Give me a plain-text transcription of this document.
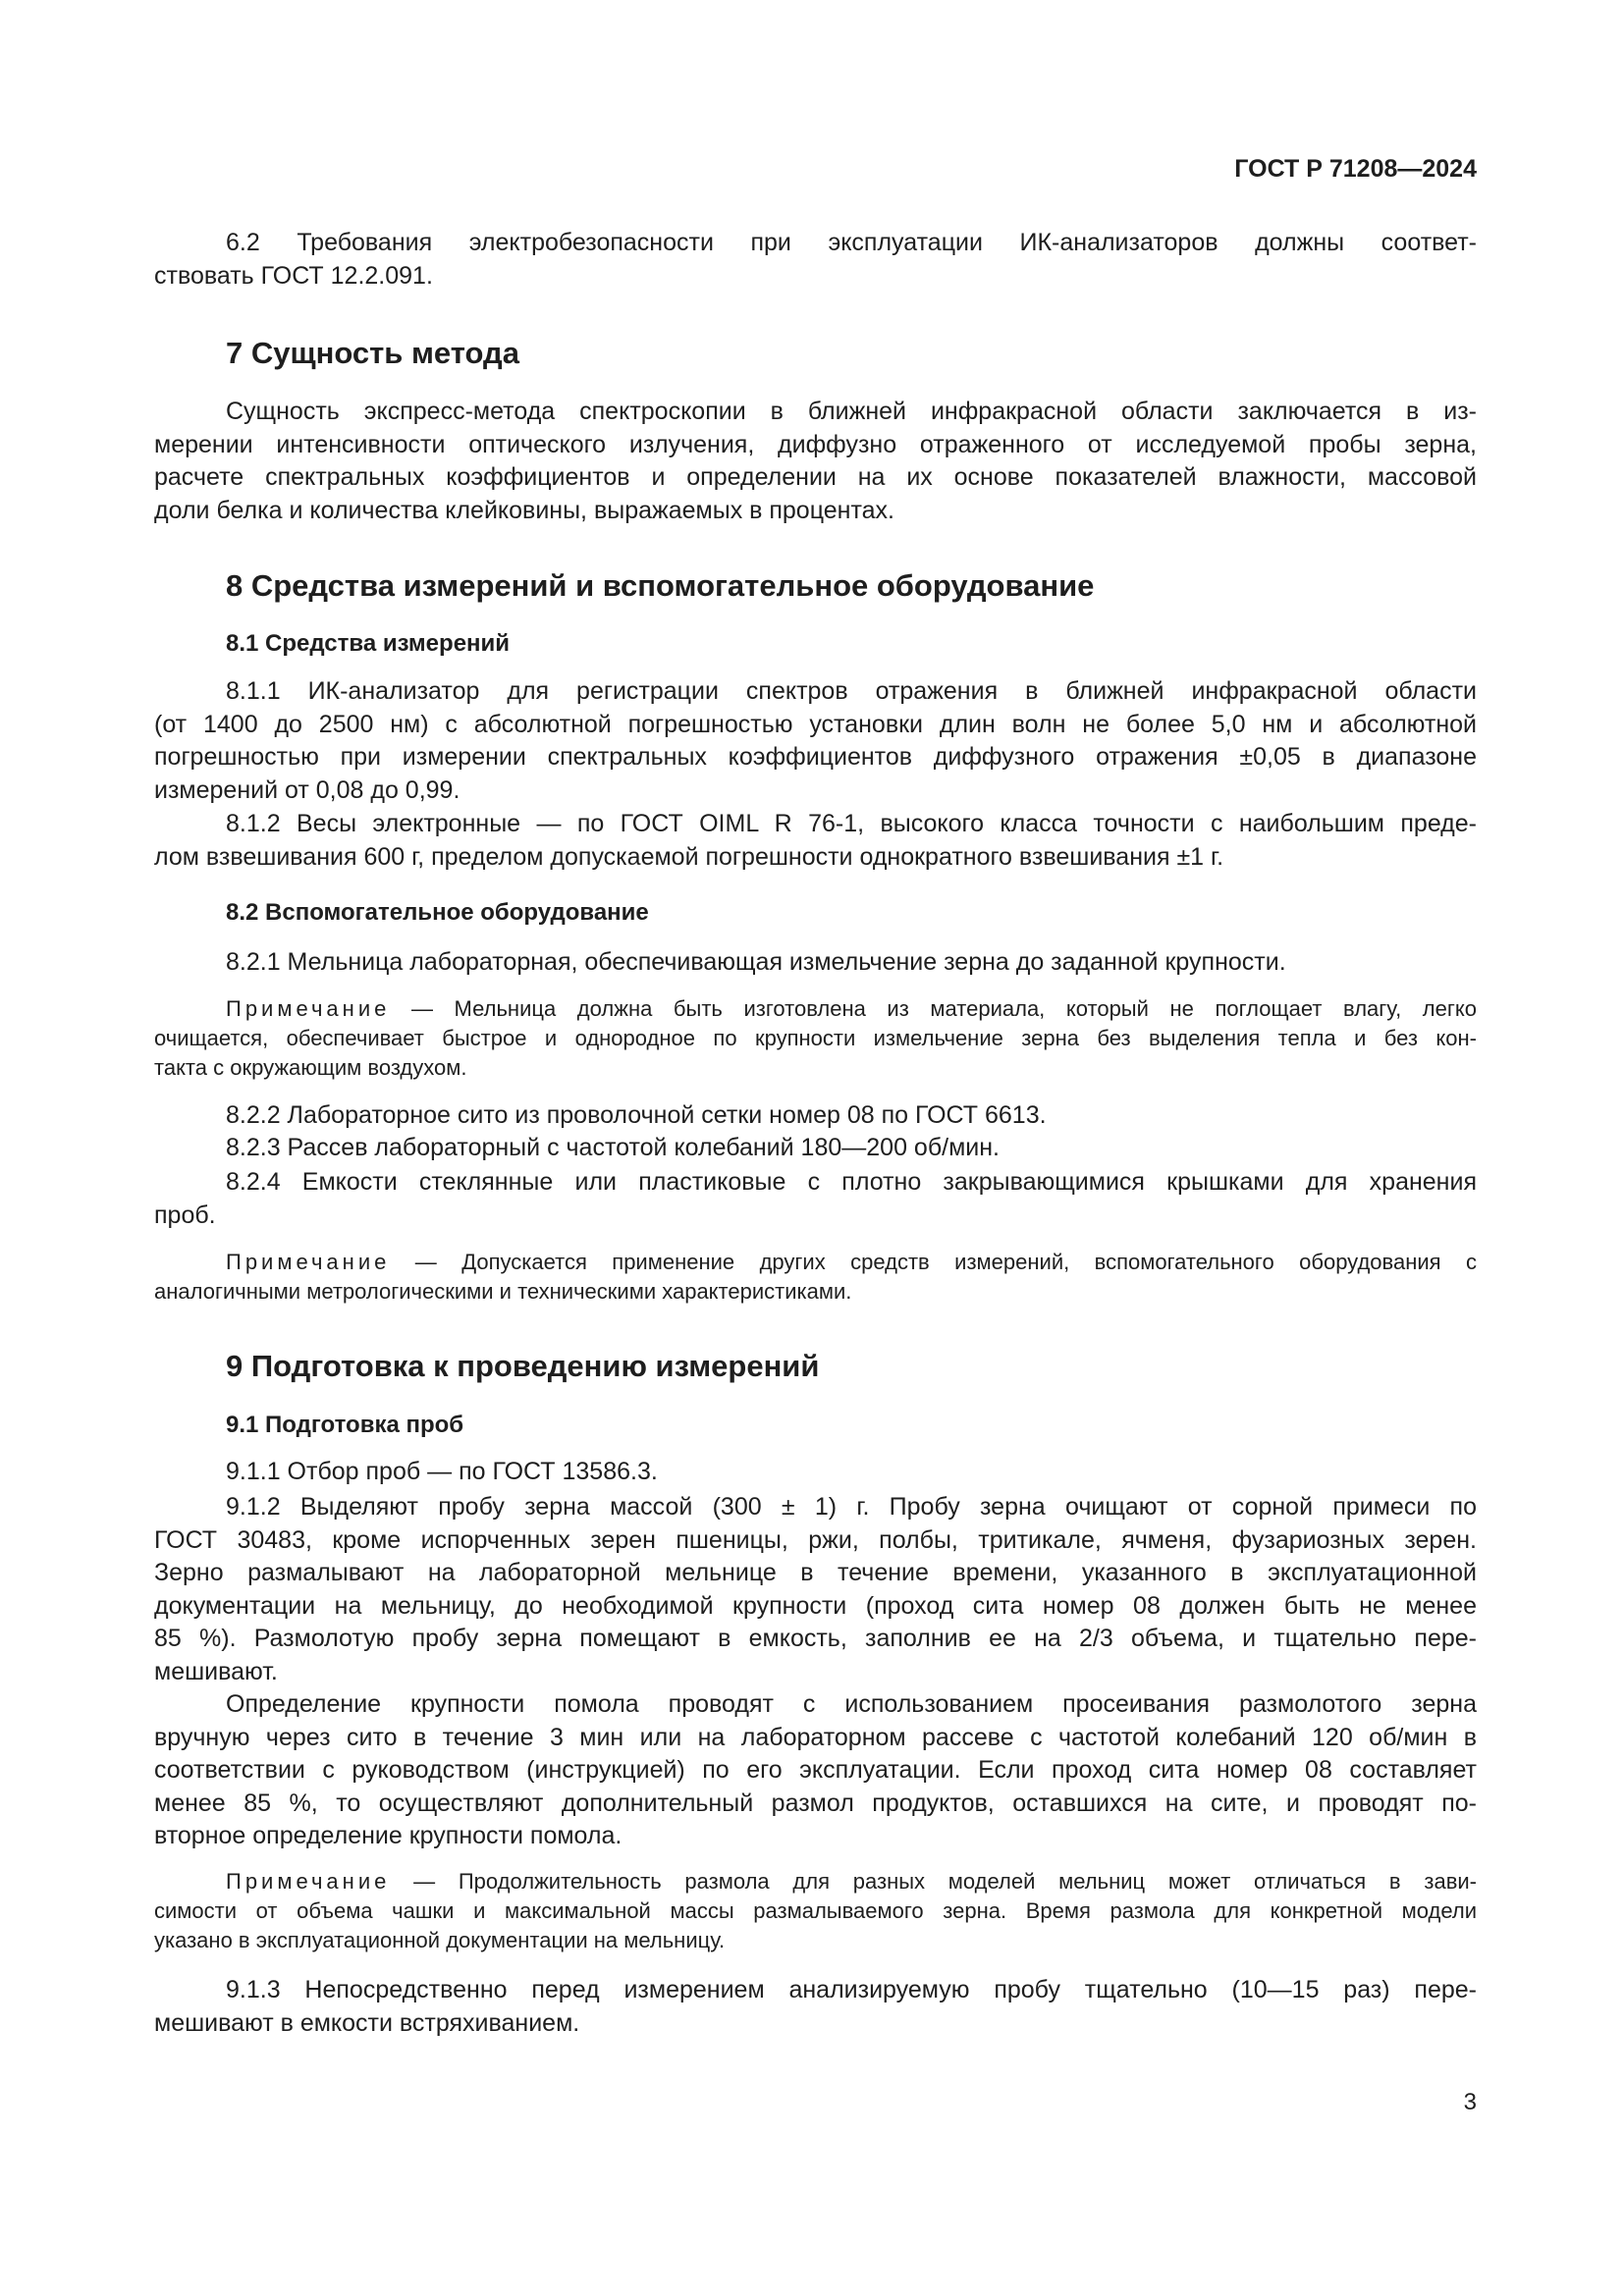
ГОСТ Р 71208—2024
6.2 Требования электробезопасности при эксплуатации ИК-анализаторов должны соответ-
ствовать ГОСТ 12.2.091.
7 Сущность метода
Сущность экспресс-метода спектроскопии в ближней инфракрасной области заключается в из-
мерении интенсивности оптического излучения, диффузно отраженного от исследуемой пробы зерна,
расчете спектральных коэффициентов и определении на их основе показателей влажности, массовой
доли белка и количества клейковины, выражаемых в процентах.
8 Средства измерений и вспомогательное оборудование
8.1 Средства измерений
8.1.1 ИК-анализатор для регистрации спектров отражения в ближней инфракрасной области
(от 1400 до 2500 нм) с абсолютной погрешностью установки длин волн не более 5,0 нм и абсолютной
погрешностью при измерении спектральных коэффициентов диффузного отражения ±0,05 в диапазоне
измерений от 0,08 до 0,99.
8.1.2 Весы электронные — по ГОСТ OIML R 76-1, высокого класса точности с наибольшим преде-
лом взвешивания 600 г, пределом допускаемой погрешности однократного взвешивания ±1 г.
8.2 Вспомогательное оборудование
8.2.1 Мельница лабораторная, обеспечивающая измельчение зерна до заданной крупности.
Примечание — Мельница должна быть изготовлена из материала, который не поглощает влагу, легко
очищается, обеспечивает быстрое и однородное по крупности измельчение зерна без выделения тепла и без кон-
такта с окружающим воздухом.
8.2.2 Лабораторное сито из проволочной сетки номер 08 по ГОСТ 6613.
8.2.3 Рассев лабораторный с частотой колебаний 180—200 об/мин.
8.2.4 Емкости стеклянные или пластиковые с плотно закрывающимися крышками для хранения
проб.
Примечание — Допускается применение других средств измерений, вспомогательного оборудования с
аналогичными метрологическими и техническими характеристиками.
9 Подготовка к проведению измерений
9.1 Подготовка проб
9.1.1 Отбор проб — по ГОСТ 13586.3.
9.1.2 Выделяют пробу зерна массой (300 ± 1) г. Пробу зерна очищают от сорной примеси по
ГОСТ 30483, кроме испорченных зерен пшеницы, ржи, полбы, тритикале, ячменя, фузариозных зерен.
Зерно размалывают на лабораторной мельнице в течение времени, указанного в эксплуатационной
документации на мельницу, до необходимой крупности (проход сита номер 08 должен быть не менее
85 %). Размолотую пробу зерна помещают в емкость, заполнив ее на 2/3 объема, и тщательно пере-
мешивают.
Определение крупности помола проводят с использованием просеивания размолотого зерна
вручную через сито в течение 3 мин или на лабораторном рассеве с частотой колебаний 120 об/мин в
соответствии с руководством (инструкцией) по его эксплуатации. Если проход сита номер 08 составляет
менее 85 %, то осуществляют дополнительный размол продуктов, оставшихся на сите, и проводят по-
вторное определение крупности помола.
Примечание — Продолжительность размола для разных моделей мельниц может отличаться в зави-
симости от объема чашки и максимальной массы размалываемого зерна. Время размола для конкретной модели
указано в эксплуатационной документации на мельницу.
9.1.3 Непосредственно перед измерением анализируемую пробу тщательно (10—15 раз) пере-
мешивают в емкости встряхиванием.
3
